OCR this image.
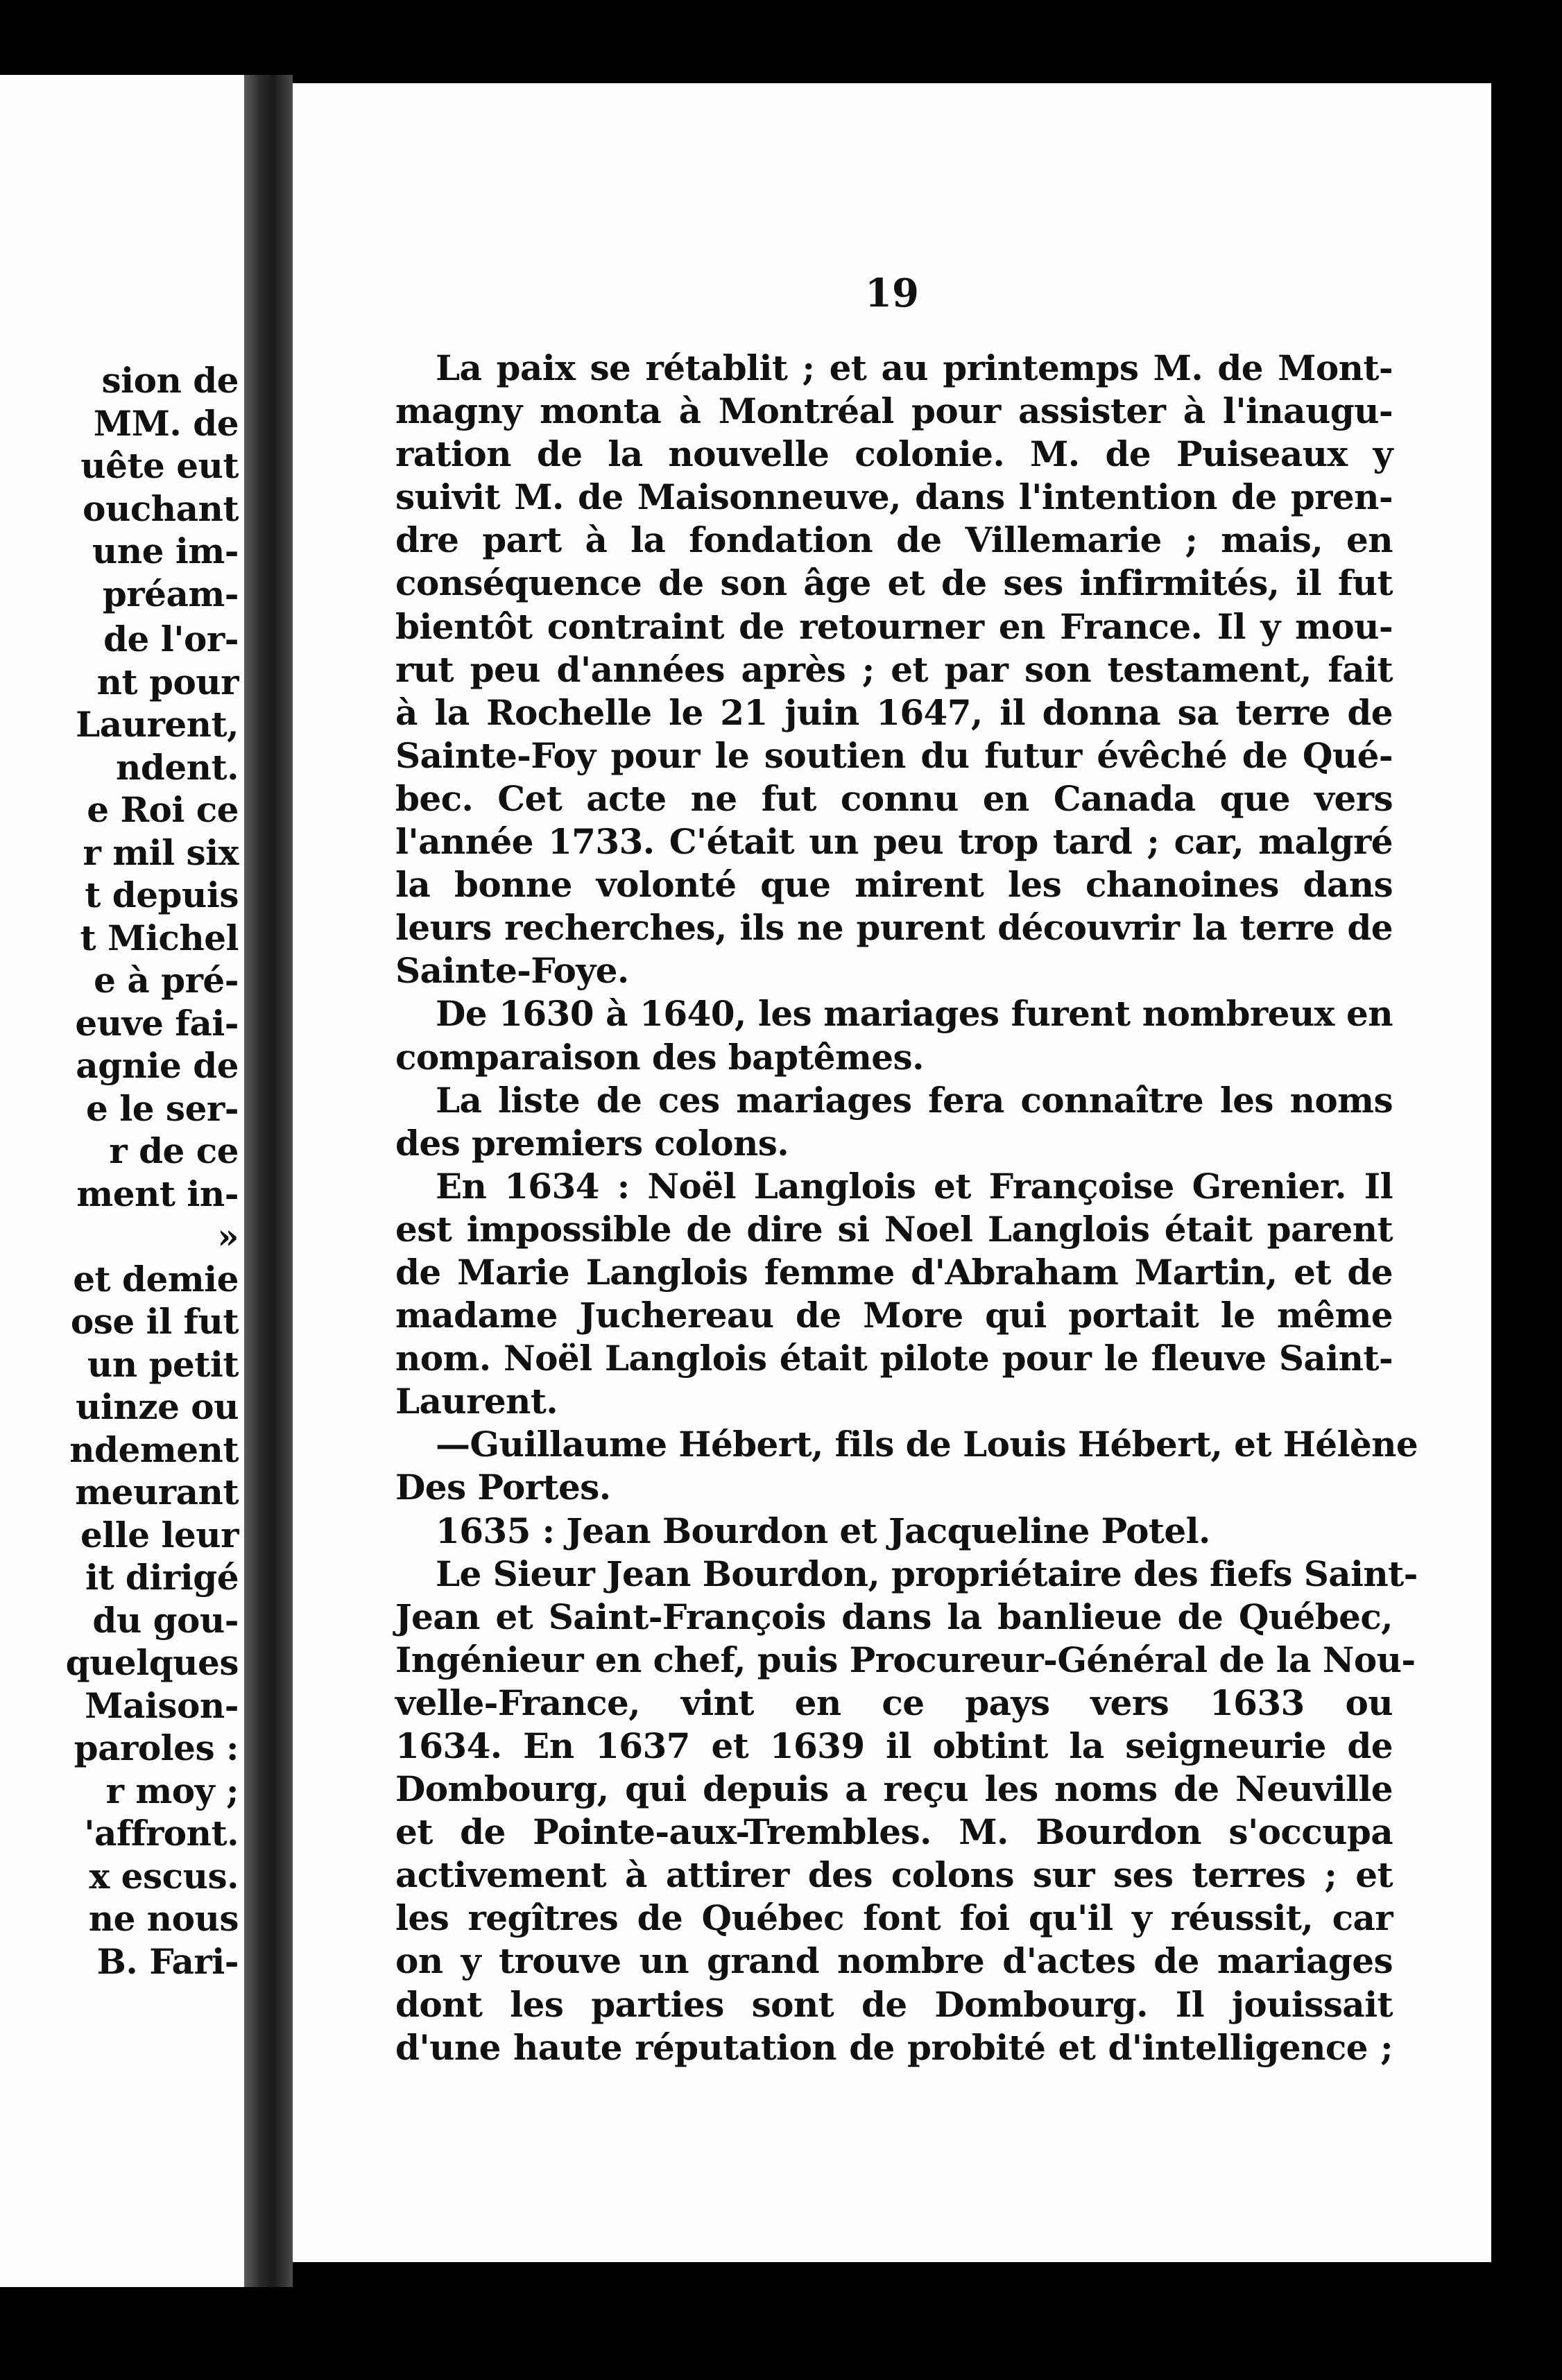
sion de
MM. de
uête eut
ouchant
une im-
préam-
de l'or-
nt pour
Laurent,
ndent.
e Roi ce
r mil six
t depuis
t Michel
e à pré-
euve fai-
agnie de
e le ser-
r de ce
ment in-
»
et demie
ose il fut
un petit
uinze ou
ndement
meurant
elle leur
it dirigé
du gou-
quelques
Maison-
paroles :
r moy ;
'affront.
x escus.
ne nous
B. Fari-
19
La paix se rétablit ; et au printemps M. de Mont-
magny monta à Montréal pour assister à l'inaugu-
ration de la nouvelle colonie. M. de Puiseaux y
suivit M. de Maisonneuve, dans l'intention de pren-
dre part à la fondation de Villemarie ; mais, en
conséquence de son âge et de ses infirmités, il fut
bientôt contraint de retourner en France. Il y mou-
rut peu d'années après ; et par son testament, fait
à la Rochelle le 21 juin 1647, il donna sa terre de
Sainte-Foy pour le soutien du futur évêché de Qué-
bec. Cet acte ne fut connu en Canada que vers
l'année 1733. C'était un peu trop tard ; car, malgré
la bonne volonté que mirent les chanoines dans
leurs recherches, ils ne purent découvrir la terre de
Sainte-Foye.
De 1630 à 1640, les mariages furent nombreux en
comparaison des baptêmes.
La liste de ces mariages fera connaître les noms
des premiers colons.
En 1634 : Noël Langlois et Françoise Grenier. Il
est impossible de dire si Noel Langlois était parent
de Marie Langlois femme d'Abraham Martin, et de
madame Juchereau de More qui portait le même
nom. Noël Langlois était pilote pour le fleuve Saint-
Laurent.
—Guillaume Hébert, fils de Louis Hébert, et Hélène
Des Portes.
1635 : Jean Bourdon et Jacqueline Potel.
Le Sieur Jean Bourdon, propriétaire des fiefs Saint-
Jean et Saint-François dans la banlieue de Québec,
Ingénieur en chef, puis Procureur-Général de la Nou-
velle-France, vint en ce pays vers 1633 ou
1634. En 1637 et 1639 il obtint la seigneurie de
Dombourg, qui depuis a reçu les noms de Neuville
et de Pointe-aux-Trembles. M. Bourdon s'occupa
activement à attirer des colons sur ses terres ; et
les regîtres de Québec font foi qu'il y réussit, car
on y trouve un grand nombre d'actes de mariages
dont les parties sont de Dombourg. Il jouissait
d'une haute réputation de probité et d'intelligence ;
